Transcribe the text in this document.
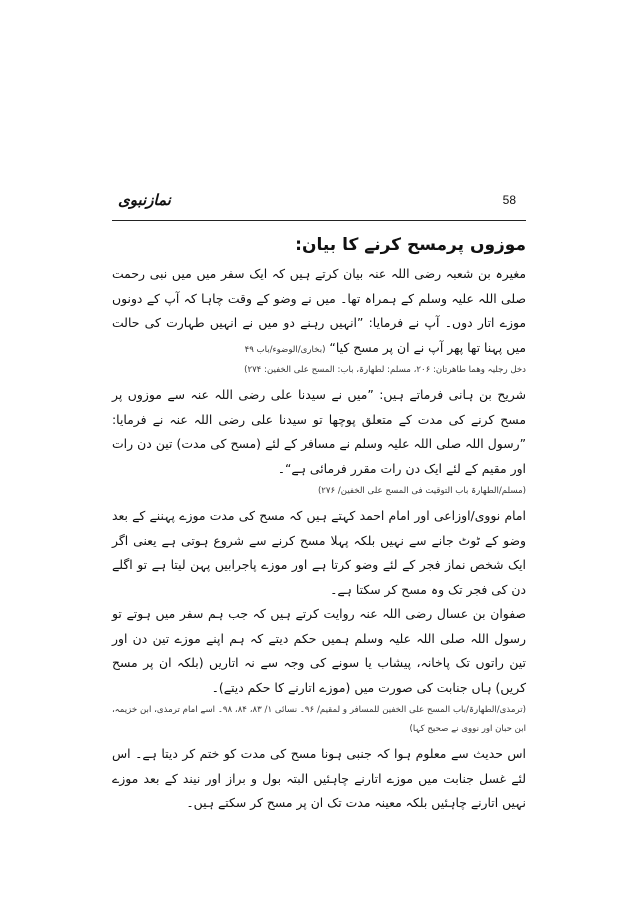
نمازنبوی	58
موزوں پرمسح کرنے کا بیان:

مغیرہ بن شعبہ رضی اللہ عنہ بیان کرتے ہیں کہ ایک سفر میں میں نبی رحمت صلی اللہ علیہ وسلم کے ہمراہ تھا۔ میں نے وضو کے وقت چاہا کہ آپ کے دونوں موزے اتار دوں۔ آپ نے فرمایا: ”انہیں رہنے دو میں نے انہیں طہارت کی حالت میں پہنا تھا پھر آپ نے ان پر مسح کیا“ (بخاری/الوضوء/باب ۴۹

دخل رجلیہ وھما طاھرتان: ۲۰۶، مسلم: لطھارۃ، باب: المسح علی الخفین: ۲۷۴)

شریح بن ہانی فرماتے ہیں: ”میں نے سیدنا علی رضی اللہ عنہ سے موزوں پر مسح کرنے کی مدت کے متعلق پوچھا تو سیدنا علی رضی اللہ عنہ نے فرمایا: ”رسول اللہ صلی اللہ علیہ وسلم نے مسافر کے لئے (مسح کی مدت) تین دن رات اور مقیم کے لئے ایک دن رات مقرر فرمائی ہے“۔

(مسلم/الطھارۃ باب التوقیت فی المسح علی الخفین/ ۲۷۶)

امام نووی/اوزاعی اور امام احمد کہتے ہیں کہ مسح کی مدت موزے پہننے کے بعد وضو کے ٹوٹ جانے سے نہیں بلکہ پہلا مسح کرنے سے شروع ہوتی ہے یعنی اگر ایک شخص نماز فجر کے لئے وضو کرتا ہے اور موزے پاجرابیں پہن لیتا ہے تو اگلے دن کی فجر تک وہ مسح کر سکتا ہے۔

صفوان بن عسال رضی اللہ عنہ روایت کرتے ہیں کہ جب ہم سفر میں ہوتے تو رسول اللہ صلی اللہ علیہ وسلم ہمیں حکم دیتے کہ ہم اپنے موزے تین دن اور تین راتوں تک پاخانہ، پیشاب یا سونے کی وجہ سے نہ اتاریں (بلکہ ان پر مسح کریں) ہاں جنابت کی صورت میں (موزے اتارنے کا حکم دیتے)۔

(ترمذی/الطھارۃ/باب المسح علی الخفین للمسافر و لمقیم/ ۹۶۔ نسائی ۱/ ۸۳، ۸۴، ۹۸۔ اسے امام ترمذی، ابن خزیمہ، ابن حبان اور نووی نے صحیح کہا)

اس حدیث سے معلوم ہوا کہ جنبی ہونا مسح کی مدت کو ختم کر دیتا ہے۔ اس لئے غسل جنابت میں موزے اتارنے چاہئیں البتہ بول و براز اور نیند کے بعد موزے نہیں اتارنے چاہئیں بلکہ معینہ مدت تک ان پر مسح کر سکتے ہیں۔
